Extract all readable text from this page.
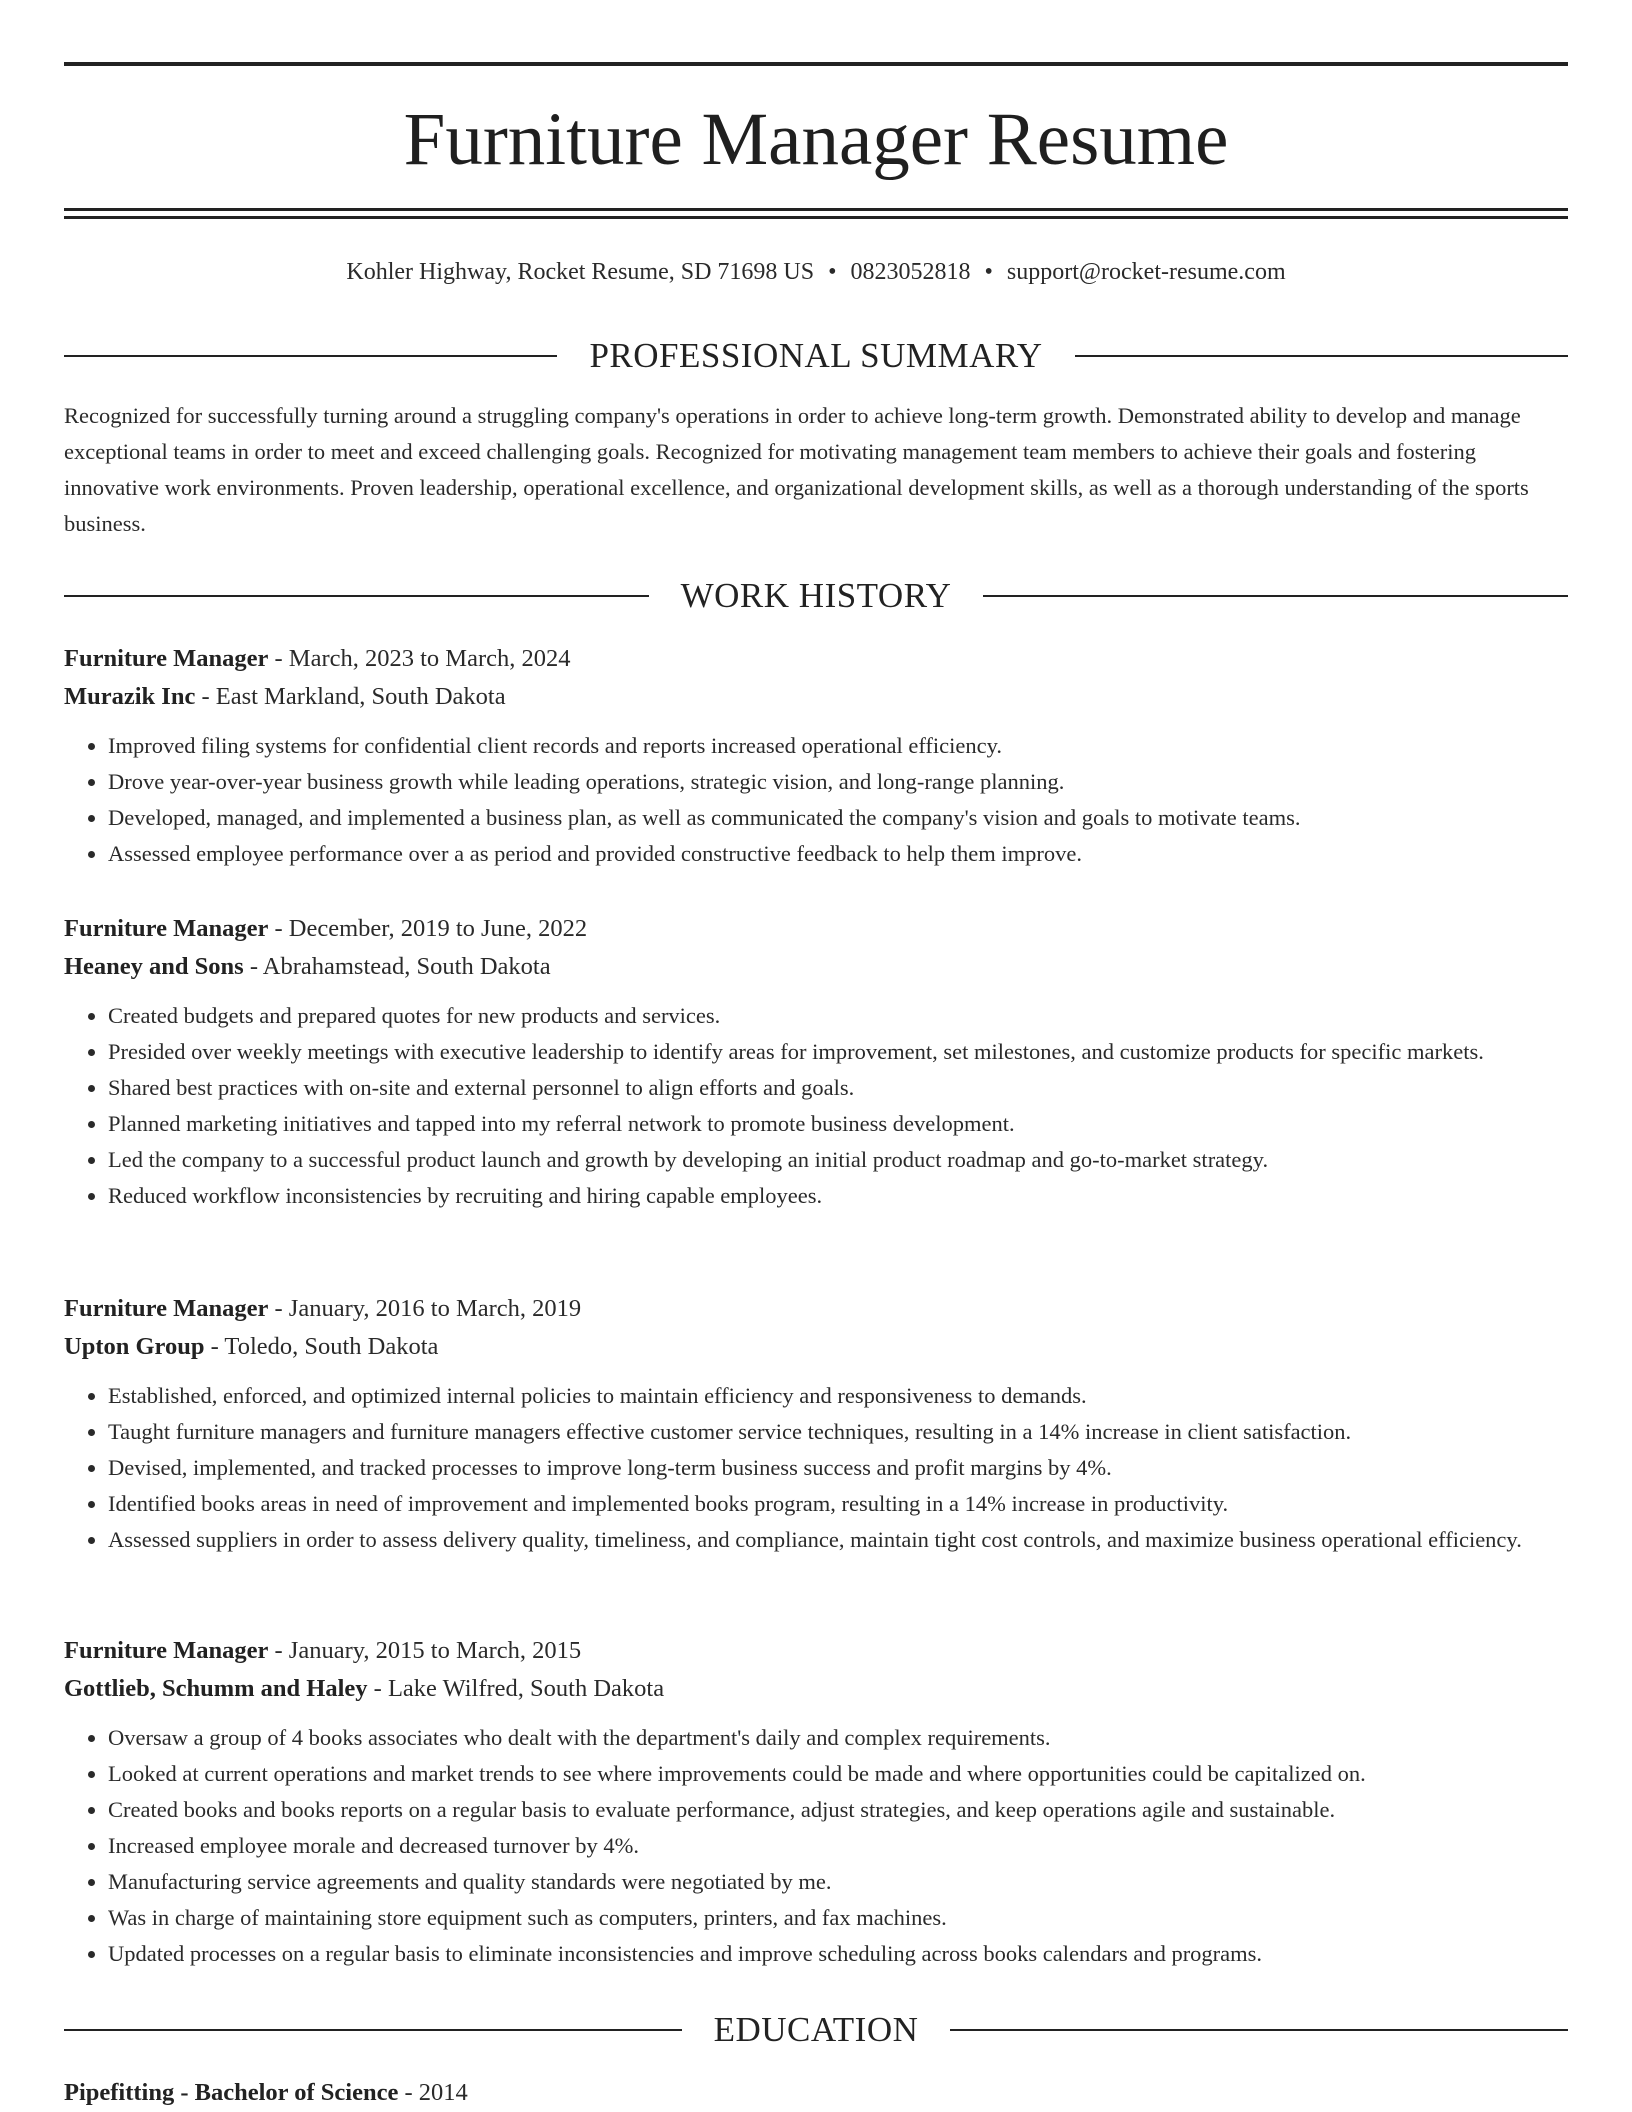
Furniture Manager Resume
Kohler Highway, Rocket Resume, SD 71698 US • 0823052818 • support@rocket-resume.com
PROFESSIONAL SUMMARY

Recognized for successfully turning around a struggling company's operations in order to achieve long-term growth. Demonstrated ability to develop and manage exceptional teams in order to meet and exceed challenging goals. Recognized for motivating management team members to achieve their goals and fostering innovative work environments. Proven leadership, operational excellence, and organizational development skills, as well as a thorough understanding of the sports business.

WORK HISTORY
Furniture Manager - March, 2023 to March, 2024
Murazik Inc - East Markland, South Dakota
• Improved filing systems for confidential client records and reports increased operational efficiency.
• Drove year-over-year business growth while leading operations, strategic vision, and long-range planning.
• Developed, managed, and implemented a business plan, as well as communicated the company's vision and goals to motivate teams.
• Assessed employee performance over a as period and provided constructive feedback to help them improve.
Furniture Manager - December, 2019 to June, 2022
Heaney and Sons - Abrahamstead, South Dakota
• Created budgets and prepared quotes for new products and services.
• Presided over weekly meetings with executive leadership to identify areas for improvement, set milestones, and customize products for specific markets.
• Shared best practices with on-site and external personnel to align efforts and goals.
• Planned marketing initiatives and tapped into my referral network to promote business development.
• Led the company to a successful product launch and growth by developing an initial product roadmap and go-to-market strategy.
• Reduced workflow inconsistencies by recruiting and hiring capable employees.
Furniture Manager - January, 2016 to March, 2019
Upton Group - Toledo, South Dakota
• Established, enforced, and optimized internal policies to maintain efficiency and responsiveness to demands.
• Taught furniture managers and furniture managers effective customer service techniques, resulting in a 14% increase in client satisfaction.
• Devised, implemented, and tracked processes to improve long-term business success and profit margins by 4%.
• Identified books areas in need of improvement and implemented books program, resulting in a 14% increase in productivity.
• Assessed suppliers in order to assess delivery quality, timeliness, and compliance, maintain tight cost controls, and maximize business operational efficiency.
Furniture Manager - January, 2015 to March, 2015
Gottlieb, Schumm and Haley - Lake Wilfred, South Dakota
• Oversaw a group of 4 books associates who dealt with the department's daily and complex requirements.
• Looked at current operations and market trends to see where improvements could be made and where opportunities could be capitalized on.
• Created books and books reports on a regular basis to evaluate performance, adjust strategies, and keep operations agile and sustainable.
• Increased employee morale and decreased turnover by 4%.
• Manufacturing service agreements and quality standards were negotiated by me.
• Was in charge of maintaining store equipment such as computers, printers, and fax machines.
• Updated processes on a regular basis to eliminate inconsistencies and improve scheduling across books calendars and programs.
EDUCATION
Pipefitting - Bachelor of Science - 2014
